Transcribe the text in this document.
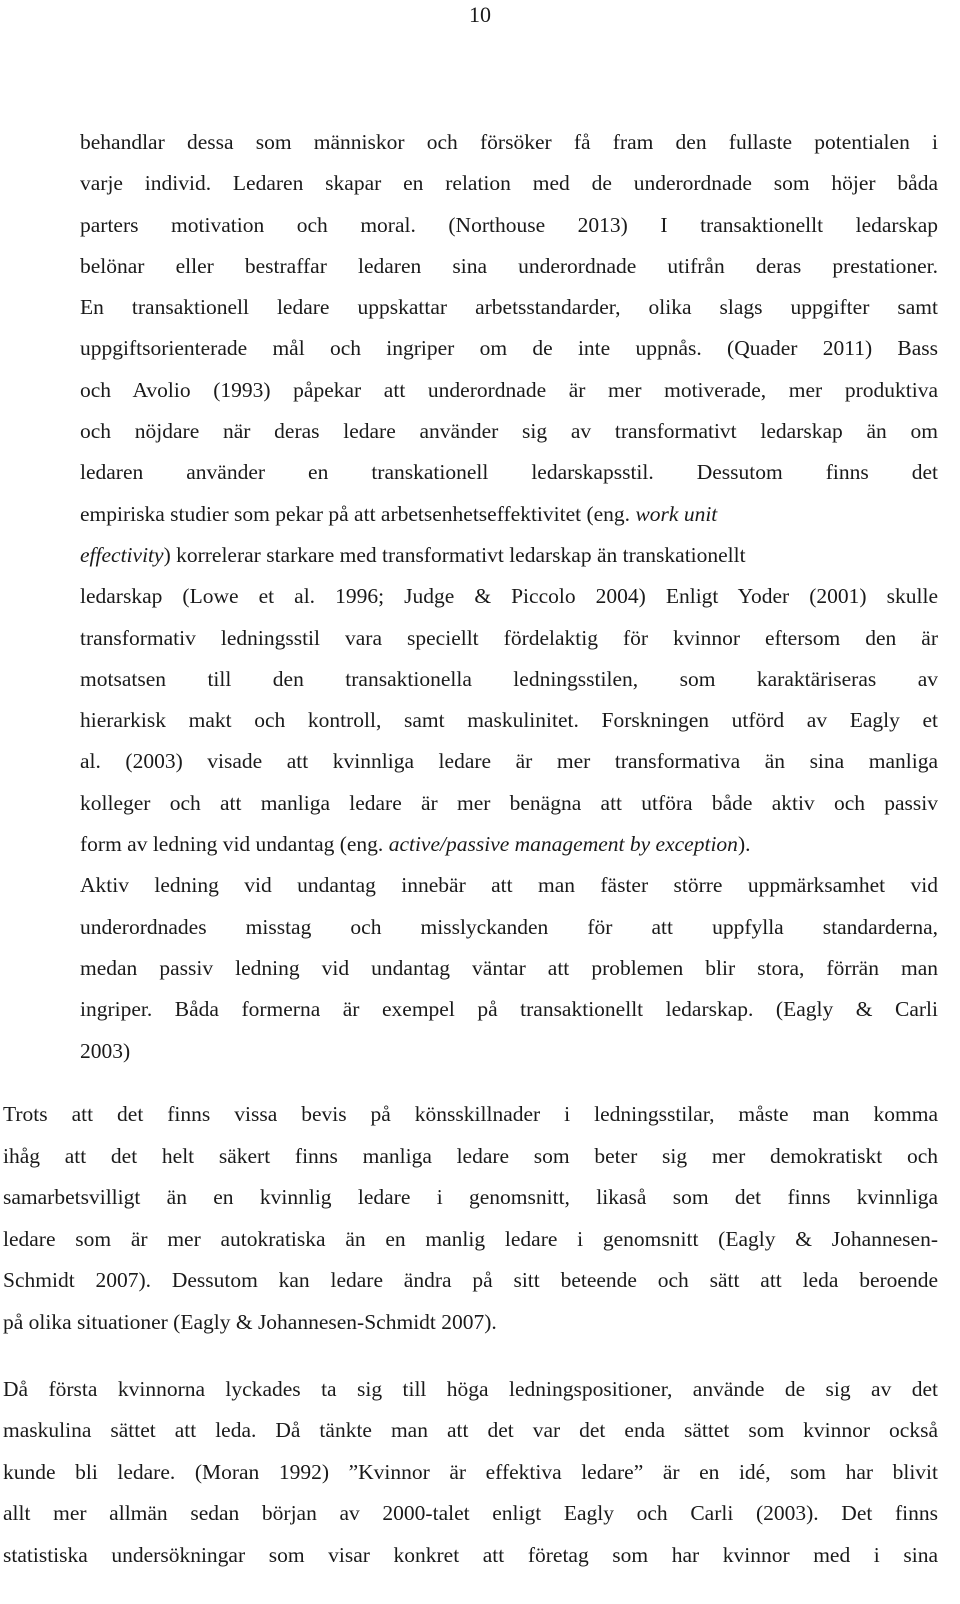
10
behandlar dessa som människor och försöker få fram den fullaste potentialen i
varje individ. Ledaren skapar en relation med de underordnade som höjer båda
parters motivation och moral. (Northouse 2013) I transaktionellt ledarskap
belönar eller bestraffar ledaren sina underordnade utifrån deras prestationer.
En transaktionell ledare uppskattar arbetsstandarder, olika slags uppgifter samt
uppgiftsorienterade mål och ingriper om de inte uppnås. (Quader 2011) Bass
och Avolio (1993) påpekar att underordnade är mer motiverade, mer produktiva
och nöjdare när deras ledare använder sig av transformativt ledarskap än om
ledaren använder en transkationell ledarskapsstil. Dessutom finns det
empiriska studier som pekar på att arbetsenhetseffektivitet (eng. work unit
effectivity) korrelerar starkare med transformativt ledarskap än transkationellt
ledarskap (Lowe et al. 1996; Judge & Piccolo 2004) Enligt Yoder (2001) skulle
transformativ ledningsstil vara speciellt fördelaktig för kvinnor eftersom den är
motsatsen till den transaktionella ledningsstilen, som karaktäriseras av
hierarkisk makt och kontroll, samt maskulinitet. Forskningen utförd av Eagly et
al. (2003) visade att kvinnliga ledare är mer transformativa än sina manliga
kolleger och att manliga ledare är mer benägna att utföra både aktiv och passiv
form av ledning vid undantag (eng. active/passive management by exception).
Aktiv ledning vid undantag innebär att man fäster större uppmärksamhet vid
underordnades misstag och misslyckanden för att uppfylla standarderna,
medan passiv ledning vid undantag väntar att problemen blir stora, förrän man
ingriper. Båda formerna är exempel på transaktionellt ledarskap. (Eagly & Carli
2003)
Trots att det finns vissa bevis på könsskillnader i ledningsstilar, måste man komma
ihåg att det helt säkert finns manliga ledare som beter sig mer demokratiskt och
samarbetsvilligt än en kvinnlig ledare i genomsnitt, likaså som det finns kvinnliga
ledare som är mer autokratiska än en manlig ledare i genomsnitt (Eagly & Johannesen-
Schmidt 2007). Dessutom kan ledare ändra på sitt beteende och sätt att leda beroende
på olika situationer (Eagly & Johannesen-Schmidt 2007).
Då första kvinnorna lyckades ta sig till höga ledningspositioner, använde de sig av det
maskulina sättet att leda. Då tänkte man att det var det enda sättet som kvinnor också
kunde bli ledare. (Moran 1992) ”Kvinnor är effektiva ledare” är en idé, som har blivit
allt mer allmän sedan början av 2000-talet enligt Eagly och Carli (2003). Det finns
statistiska undersökningar som visar konkret att företag som har kvinnor med i sina
